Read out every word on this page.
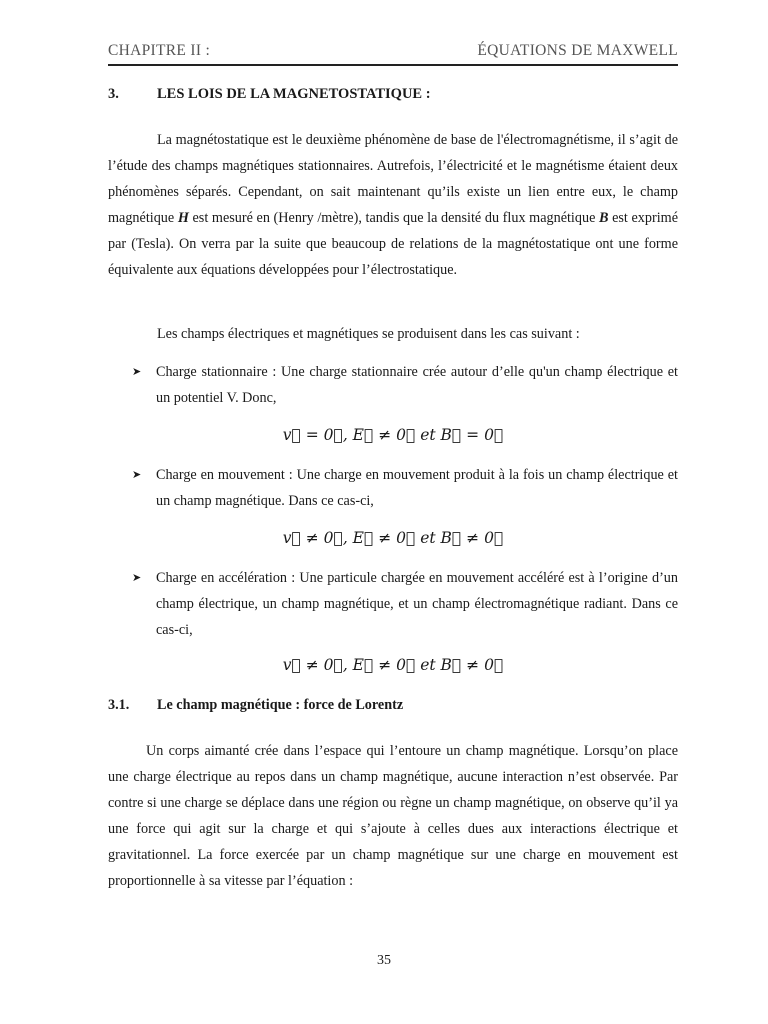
CHAPITRE II :	ÉQUATIONS DE MAXWELL
3.	LES LOIS DE LA MAGNETOSTATIQUE :
La magnétostatique est le deuxième phénomène de base de l'électromagnétisme, il s’agit de l’étude des champs magnétiques stationnaires. Autrefois, l’électricité et le magnétisme étaient deux phénomènes séparés. Cependant, on sait maintenant qu’ils existe un lien entre eux, le champ magnétique H est mesuré en (Henry /mètre), tandis que la densité du flux magnétique B est exprimé par (Tesla). On verra par la suite que beaucoup de relations de la magnétostatique ont une forme équivalente aux équations développées pour l’électrostatique.
Les champs électriques et magnétiques se produisent dans les cas suivant :
➤ Charge stationnaire : Une charge stationnaire crée autour d’elle qu'un champ électrique et un potentiel V. Donc,
v⃗ = 0⃗, E⃗ ≠ 0⃗ et B⃗ = 0⃗
➤ Charge en mouvement : Une charge en mouvement produit à la fois un champ électrique et un champ magnétique. Dans ce cas-ci,
v⃗ ≠ 0⃗, E⃗ ≠ 0⃗ et B⃗ ≠ 0⃗
➤ Charge en accélération : Une particule chargée en mouvement accéléré est à l’origine d’un champ électrique, un champ magnétique, et un champ électromagnétique radiant. Dans ce cas-ci,
v⃗ ≠ 0⃗, E⃗ ≠ 0⃗ et B⃗ ≠ 0⃗
3.1.	Le champ magnétique : force de Lorentz
Un corps aimanté crée dans l’espace qui l’entoure un champ magnétique. Lorsqu’on place une charge électrique au repos dans un champ magnétique, aucune interaction n’est observée. Par contre si une charge se déplace dans une région ou règne un champ magnétique, on observe qu’il ya une force qui agit sur la charge et qui s’ajoute à celles dues aux interactions électrique et gravitationnel. La force exercée par un champ magnétique sur une charge en mouvement est proportionnelle à sa vitesse par l’équation :
35
